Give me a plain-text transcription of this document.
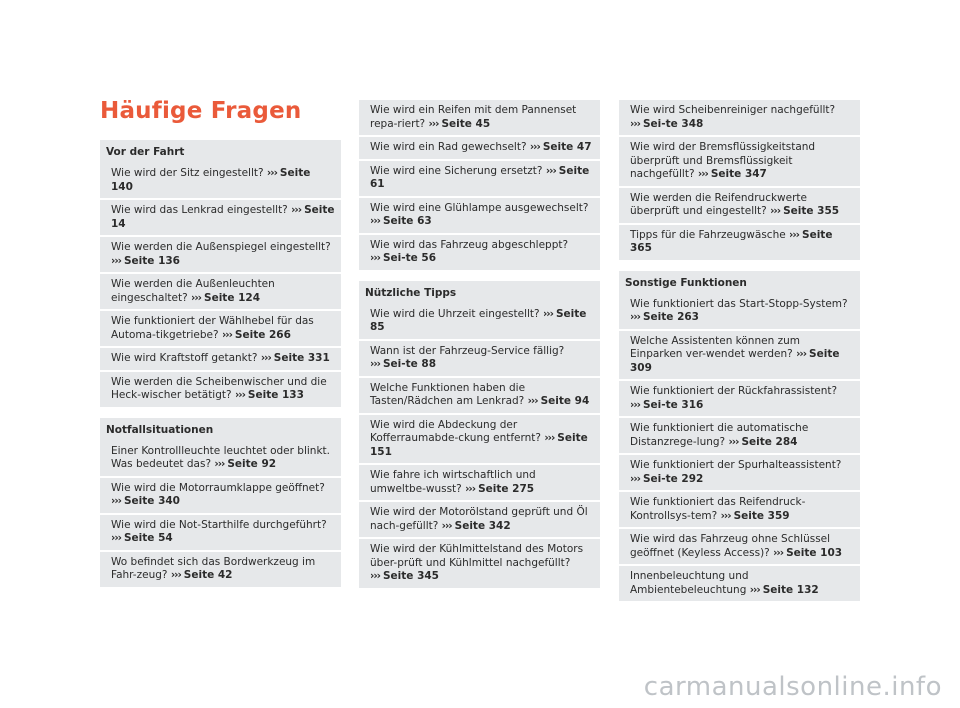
Häufige Fragen
Vor der Fahrt
Wie wird der Sitz eingestellt? ››› Seite 140
Wie wird das Lenkrad eingestellt? ››› Seite 14
Wie werden die Außenspiegel eingestellt? ››› Seite 136
Wie werden die Außenleuchten eingeschaltet? ››› Seite 124
Wie funktioniert der Wählhebel für das Automa-tikgetriebe? ››› Seite 266
Wie wird Kraftstoff getankt? ››› Seite 331
Wie werden die Scheibenwischer und die Heck-wischer betätigt? ››› Seite 133
Notfallsituationen
Einer Kontrollleuchte leuchtet oder blinkt. Was bedeutet das? ››› Seite 92
Wie wird die Motorraumklappe geöffnet? ››› Seite 340
Wie wird die Not-Starthilfe durchgeführt? ››› Seite 54
Wo befindet sich das Bordwerkzeug im Fahr-zeug? ››› Seite 42
Wie wird ein Reifen mit dem Pannenset repa-riert? ››› Seite 45
Wie wird ein Rad gewechselt? ››› Seite 47
Wie wird eine Sicherung ersetzt? ››› Seite 61
Wie wird eine Glühlampe ausgewechselt? ››› Seite 63
Wie wird das Fahrzeug abgeschleppt? ››› Sei-te 56
Nützliche Tipps
Wie wird die Uhrzeit eingestellt? ››› Seite 85
Wann ist der Fahrzeug-Service fällig? ››› Sei-te 88
Welche Funktionen haben die Tasten/Rädchen am Lenkrad? ››› Seite 94
Wie wird die Abdeckung der Kofferraumabde-ckung entfernt? ››› Seite 151
Wie fahre ich wirtschaftlich und umweltbe-wusst? ››› Seite 275
Wie wird der Motorölstand geprüft und Öl nach-gefüllt? ››› Seite 342
Wie wird der Kühlmittelstand des Motors über-prüft und Kühlmittel nachgefüllt? ››› Seite 345
Wie wird Scheibenreiniger nachgefüllt? ››› Sei-te 348
Wie wird der Bremsflüssigkeitstand überprüft und Bremsflüssigkeit nachgefüllt? ››› Seite 347
Wie werden die Reifendruckwerte überprüft und eingestellt? ››› Seite 355
Tipps für die Fahrzeugwäsche ››› Seite 365
Sonstige Funktionen
Wie funktioniert das Start-Stopp-System? ››› Seite 263
Welche Assistenten können zum Einparken ver-wendet werden? ››› Seite 309
Wie funktioniert der Rückfahrassistent? ››› Sei-te 316
Wie funktioniert die automatische Distanzrege-lung? ››› Seite 284
Wie funktioniert der Spurhalteassistent? ››› Sei-te 292
Wie funktioniert das Reifendruck-Kontrollsys-tem? ››› Seite 359
Wie wird das Fahrzeug ohne Schlüssel geöffnet (Keyless Access)? ››› Seite 103
Innenbeleuchtung und Ambientebeleuchtung ››› Seite 132
carmanualsonline.info
